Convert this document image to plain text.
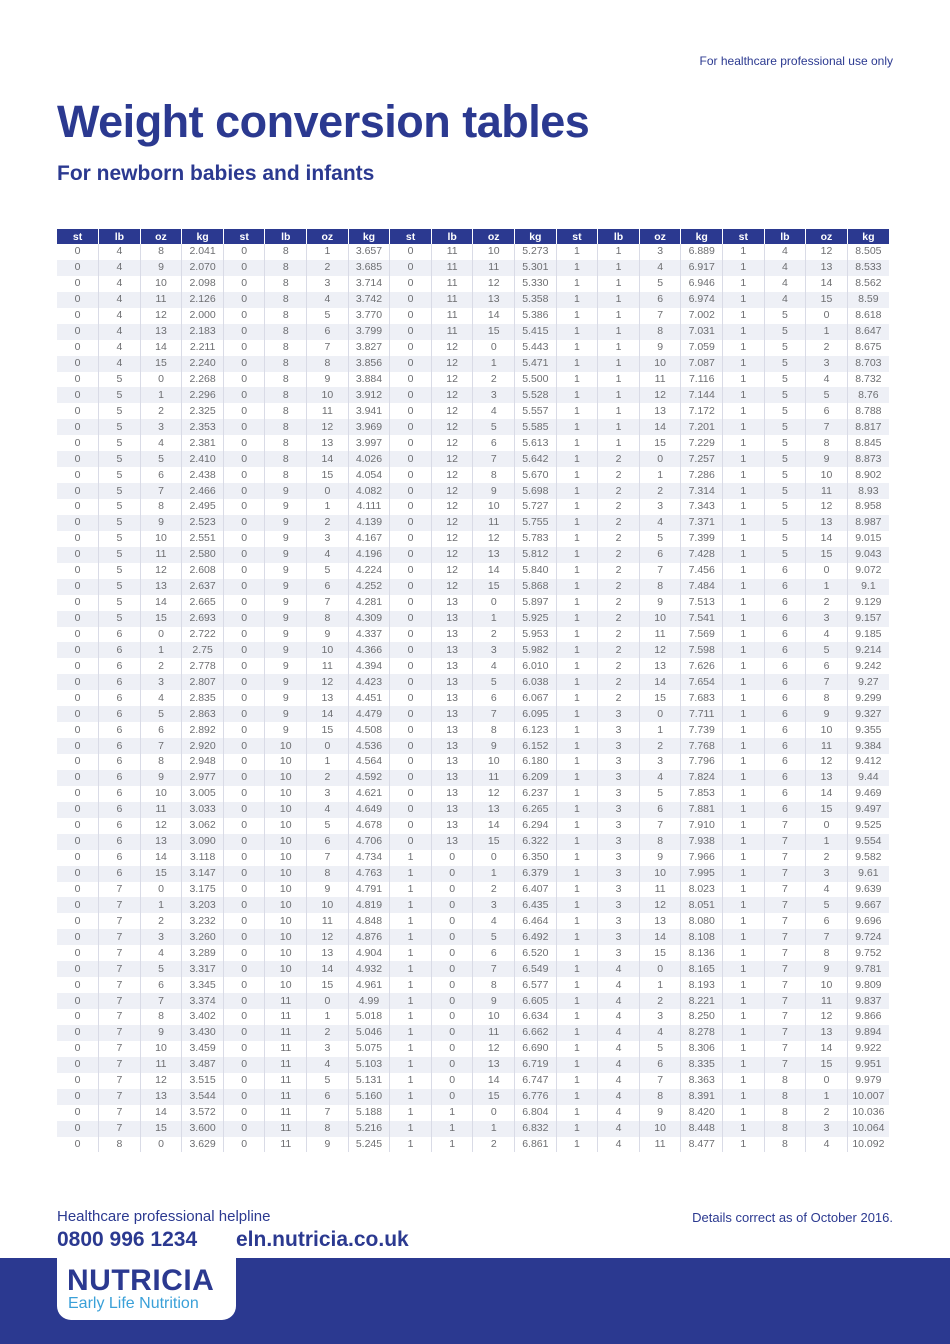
For healthcare professional use only
Weight conversion tables
For newborn babies and infants
st	lb	oz	kg	st	lb	oz	kg	st	lb	oz	kg	st	lb	oz	kg	st	lb	oz	kg
0	4	8	2.041	0	8	1	3.657	0	11	10	5.273	1	1	3	6.889	1	4	12	8.505
0	4	9	2.070	0	8	2	3.685	0	11	11	5.301	1	1	4	6.917	1	4	13	8.533
0	4	10	2.098	0	8	3	3.714	0	11	12	5.330	1	1	5	6.946	1	4	14	8.562
0	4	11	2.126	0	8	4	3.742	0	11	13	5.358	1	1	6	6.974	1	4	15	8.59
0	4	12	2.000	0	8	5	3.770	0	11	14	5.386	1	1	7	7.002	1	5	0	8.618
0	4	13	2.183	0	8	6	3.799	0	11	15	5.415	1	1	8	7.031	1	5	1	8.647
0	4	14	2.211	0	8	7	3.827	0	12	0	5.443	1	1	9	7.059	1	5	2	8.675
0	4	15	2.240	0	8	8	3.856	0	12	1	5.471	1	1	10	7.087	1	5	3	8.703
0	5	0	2.268	0	8	9	3.884	0	12	2	5.500	1	1	11	7.116	1	5	4	8.732
0	5	1	2.296	0	8	10	3.912	0	12	3	5.528	1	1	12	7.144	1	5	5	8.76
0	5	2	2.325	0	8	11	3.941	0	12	4	5.557	1	1	13	7.172	1	5	6	8.788
0	5	3	2.353	0	8	12	3.969	0	12	5	5.585	1	1	14	7.201	1	5	7	8.817
0	5	4	2.381	0	8	13	3.997	0	12	6	5.613	1	1	15	7.229	1	5	8	8.845
0	5	5	2.410	0	8	14	4.026	0	12	7	5.642	1	2	0	7.257	1	5	9	8.873
0	5	6	2.438	0	8	15	4.054	0	12	8	5.670	1	2	1	7.286	1	5	10	8.902
0	5	7	2.466	0	9	0	4.082	0	12	9	5.698	1	2	2	7.314	1	5	11	8.93
0	5	8	2.495	0	9	1	4.111	0	12	10	5.727	1	2	3	7.343	1	5	12	8.958
0	5	9	2.523	0	9	2	4.139	0	12	11	5.755	1	2	4	7.371	1	5	13	8.987
0	5	10	2.551	0	9	3	4.167	0	12	12	5.783	1	2	5	7.399	1	5	14	9.015
0	5	11	2.580	0	9	4	4.196	0	12	13	5.812	1	2	6	7.428	1	5	15	9.043
0	5	12	2.608	0	9	5	4.224	0	12	14	5.840	1	2	7	7.456	1	6	0	9.072
0	5	13	2.637	0	9	6	4.252	0	12	15	5.868	1	2	8	7.484	1	6	1	9.1
0	5	14	2.665	0	9	7	4.281	0	13	0	5.897	1	2	9	7.513	1	6	2	9.129
0	5	15	2.693	0	9	8	4.309	0	13	1	5.925	1	2	10	7.541	1	6	3	9.157
0	6	0	2.722	0	9	9	4.337	0	13	2	5.953	1	2	11	7.569	1	6	4	9.185
0	6	1	2.75	0	9	10	4.366	0	13	3	5.982	1	2	12	7.598	1	6	5	9.214
0	6	2	2.778	0	9	11	4.394	0	13	4	6.010	1	2	13	7.626	1	6	6	9.242
0	6	3	2.807	0	9	12	4.423	0	13	5	6.038	1	2	14	7.654	1	6	7	9.27
0	6	4	2.835	0	9	13	4.451	0	13	6	6.067	1	2	15	7.683	1	6	8	9.299
0	6	5	2.863	0	9	14	4.479	0	13	7	6.095	1	3	0	7.711	1	6	9	9.327
0	6	6	2.892	0	9	15	4.508	0	13	8	6.123	1	3	1	7.739	1	6	10	9.355
0	6	7	2.920	0	10	0	4.536	0	13	9	6.152	1	3	2	7.768	1	6	11	9.384
0	6	8	2.948	0	10	1	4.564	0	13	10	6.180	1	3	3	7.796	1	6	12	9.412
0	6	9	2.977	0	10	2	4.592	0	13	11	6.209	1	3	4	7.824	1	6	13	9.44
0	6	10	3.005	0	10	3	4.621	0	13	12	6.237	1	3	5	7.853	1	6	14	9.469
0	6	11	3.033	0	10	4	4.649	0	13	13	6.265	1	3	6	7.881	1	6	15	9.497
0	6	12	3.062	0	10	5	4.678	0	13	14	6.294	1	3	7	7.910	1	7	0	9.525
0	6	13	3.090	0	10	6	4.706	0	13	15	6.322	1	3	8	7.938	1	7	1	9.554
0	6	14	3.118	0	10	7	4.734	1	0	0	6.350	1	3	9	7.966	1	7	2	9.582
0	6	15	3.147	0	10	8	4.763	1	0	1	6.379	1	3	10	7.995	1	7	3	9.61
0	7	0	3.175	0	10	9	4.791	1	0	2	6.407	1	3	11	8.023	1	7	4	9.639
0	7	1	3.203	0	10	10	4.819	1	0	3	6.435	1	3	12	8.051	1	7	5	9.667
0	7	2	3.232	0	10	11	4.848	1	0	4	6.464	1	3	13	8.080	1	7	6	9.696
0	7	3	3.260	0	10	12	4.876	1	0	5	6.492	1	3	14	8.108	1	7	7	9.724
0	7	4	3.289	0	10	13	4.904	1	0	6	6.520	1	3	15	8.136	1	7	8	9.752
0	7	5	3.317	0	10	14	4.932	1	0	7	6.549	1	4	0	8.165	1	7	9	9.781
0	7	6	3.345	0	10	15	4.961	1	0	8	6.577	1	4	1	8.193	1	7	10	9.809
0	7	7	3.374	0	11	0	4.99	1	0	9	6.605	1	4	2	8.221	1	7	11	9.837
0	7	8	3.402	0	11	1	5.018	1	0	10	6.634	1	4	3	8.250	1	7	12	9.866
0	7	9	3.430	0	11	2	5.046	1	0	11	6.662	1	4	4	8.278	1	7	13	9.894
0	7	10	3.459	0	11	3	5.075	1	0	12	6.690	1	4	5	8.306	1	7	14	9.922
0	7	11	3.487	0	11	4	5.103	1	0	13	6.719	1	4	6	8.335	1	7	15	9.951
0	7	12	3.515	0	11	5	5.131	1	0	14	6.747	1	4	7	8.363	1	8	0	9.979
0	7	13	3.544	0	11	6	5.160	1	0	15	6.776	1	4	8	8.391	1	8	1	10.007
0	7	14	3.572	0	11	7	5.188	1	1	0	6.804	1	4	9	8.420	1	8	2	10.036
0	7	15	3.600	0	11	8	5.216	1	1	1	6.832	1	4	10	8.448	1	8	3	10.064
0	8	0	3.629	0	11	9	5.245	1	1	2	6.861	1	4	11	8.477	1	8	4	10.092
Healthcare professional helpline
0800 996 1234 eln.nutricia.co.uk
Details correct as of October 2016.
NUTRICIA
Early Life Nutrition
